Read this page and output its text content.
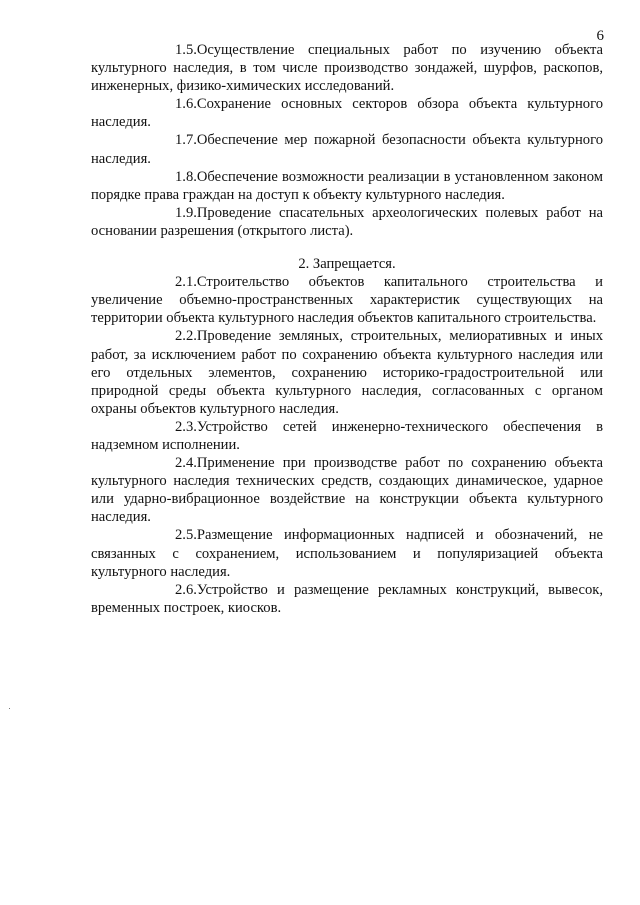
6

1.5.Осуществление специальных работ по изучению объекта культурного наследия, в том числе производство зондажей, шурфов, раскопов, инженерных, физико-химических исследований.

1.6.Сохранение основных секторов обзора объекта культурного наследия.

1.7.Обеспечение мер пожарной безопасности объекта культурного наследия.

1.8.Обеспечение возможности реализации в установленном законом порядке права граждан на доступ к объекту культурного наследия.

1.9.Проведение спасательных археологических полевых работ на основании разрешения (открытого листа).

2. Запрещается.

2.1.Строительство объектов капитального строительства и увеличение объемно-пространственных характеристик существующих на территории объекта культурного наследия объектов капитального строительства.

2.2.Проведение земляных, строительных, мелиоративных и иных работ, за исключением работ по сохранению объекта культурного наследия или его отдельных элементов, сохранению историко-градостроительной или природной среды объекта культурного наследия, согласованных с органом охраны объектов культурного наследия.

2.3.Устройство сетей инженерно-технического обеспечения в надземном исполнении.

2.4.Применение при производстве работ по сохранению объекта культурного наследия технических средств, создающих динамическое, ударное или ударно-вибрационное воздействие на конструкции объекта культурного наследия.

2.5.Размещение информационных надписей и обозначений, не связанных с сохранением, использованием и популяризацией объекта культурного наследия.

2.6.Устройство и размещение рекламных конструкций, вывесок, временных построек, киосков.
